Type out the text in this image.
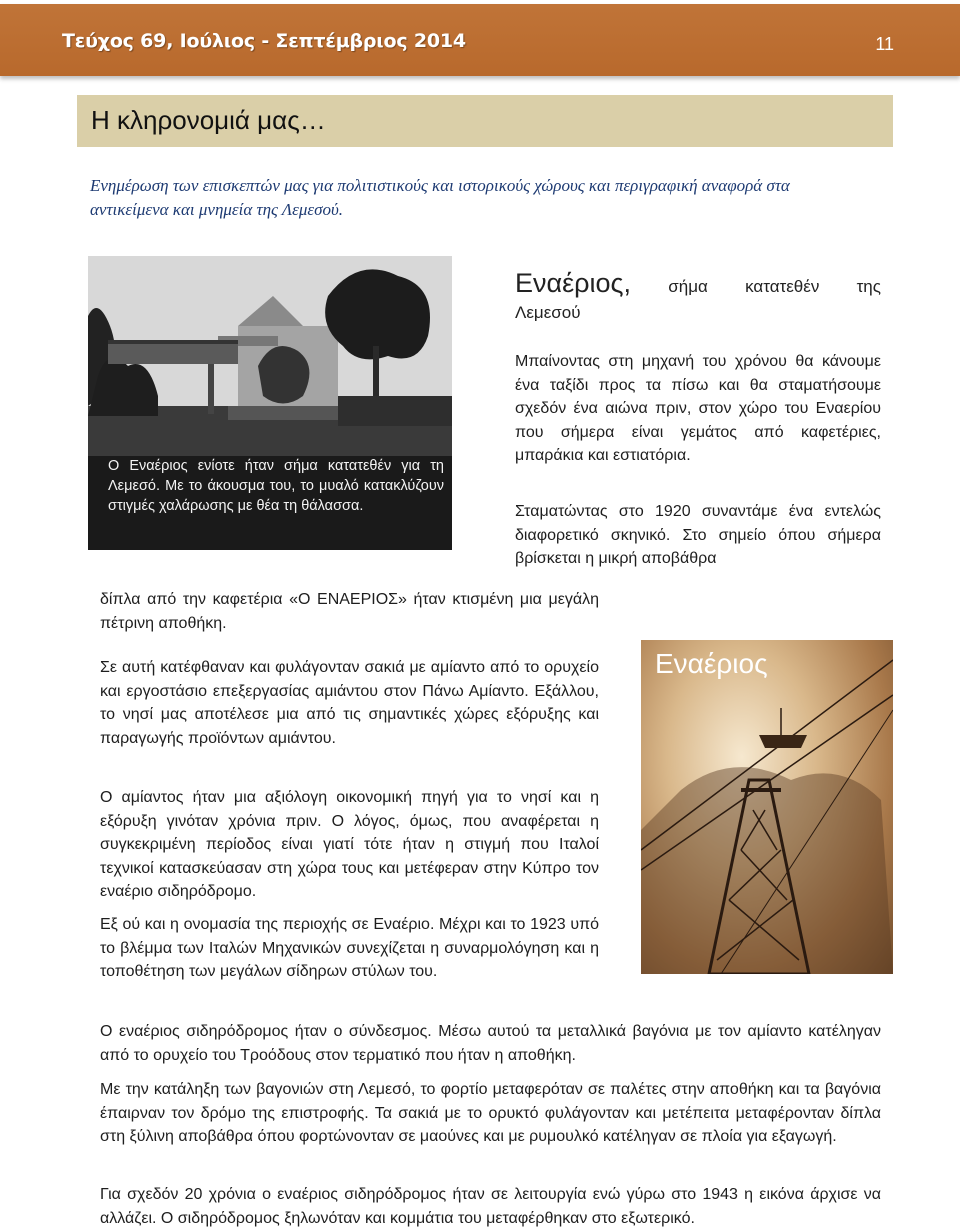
Τεύχος 69, Ιούλιος - Σεπτέμβριος 2014	11
Η κληρονομιά μας…
Ενημέρωση των επισκεπτών μας για πολιτιστικούς και ιστορικούς χώρους και περιγραφική αναφορά στα αντικείμενα και μνημεία της Λεμεσού.
Ο Εναέριος ενίοτε ήταν σήμα κατατεθέν για τη Λεμεσό. Με το άκουσμα του, το μυαλό κατακλύζουν στιγμές χαλάρωσης με θέα τη θάλασσα.
Εναέριος, σήμα κατατεθέν της
Λεμεσού

Μπαίνοντας στη μηχανή του χρόνου θα κάνουμε ένα ταξίδι προς τα πίσω και θα σταματήσουμε σχεδόν ένα αιώνα πριν, στον χώρο του Εναερίου που σήμερα είναι γεμάτος από καφετέριες, μπαράκια και εστιατόρια.

Σταματώντας στο 1920 συναντάμε ένα εντελώς διαφορετικό σκηνικό. Στο σημείο όπου σήμερα βρίσκεται η μικρή αποβάθρα

δίπλα από την καφετέρια «Ο ΕΝΑΕΡΙΟΣ» ήταν κτισμένη μια μεγάλη πέτρινη αποθήκη.

Σε αυτή κατέφθαναν και φυλάγονταν σακιά με αμίαντο από το ορυχείο και εργοστάσιο επεξεργασίας αμιάντου στον Πάνω Αμίαντο. Εξάλλου, το νησί μας αποτέλεσε μια από τις σημαντικές χώρες εξόρυξης και παραγωγής προϊόντων αμιάντου.

Ο αμίαντος ήταν μια αξιόλογη οικονομική πηγή για το νησί και η εξόρυξη γινόταν χρόνια πριν. Ο λόγος, όμως, που αναφέρεται η συγκεκριμένη περίοδος είναι γιατί τότε ήταν η στιγμή που Ιταλοί τεχνικοί κατασκεύασαν στη χώρα τους και μετέφεραν στην Κύπρο τον εναέριο σιδηρόδρομο.

Εξ ού και η ονομασία της περιοχής σε Εναέριο. Μέχρι και το 1923 υπό το βλέμμα των Ιταλών Μηχανικών συνεχίζεται η συναρμολόγηση και η τοποθέτηση των μεγάλων σίδηρων στύλων του.

Εναέριος

Ο εναέριος σιδηρόδρομος ήταν ο σύνδεσμος. Μέσω αυτού τα μεταλλικά βαγόνια με τον αμίαντο κατέληγαν από το ορυχείο του Τροόδους στον τερματικό που ήταν η αποθήκη.

Με την κατάληξη των βαγονιών στη Λεμεσό, το φορτίο μεταφερόταν σε παλέτες στην αποθήκη και τα βαγόνια έπαιρναν τον δρόμο της επιστροφής. Τα σακιά με το ορυκτό φυλάγονταν και μετέπειτα μεταφέρονταν δίπλα στη ξύλινη αποβάθρα όπου φορτώνονταν σε μαούνες και με ρυμουλκό κατέληγαν σε πλοία για εξαγωγή.

Για σχεδόν 20 χρόνια ο εναέριος σιδηρόδρομος ήταν σε λειτουργία ενώ γύρω στο 1943 η εικόνα άρχισε να αλλάζει. Ο σιδηρόδρομος ξηλωνόταν και κομμάτια του μεταφέρθηκαν στο εξωτερικό.
